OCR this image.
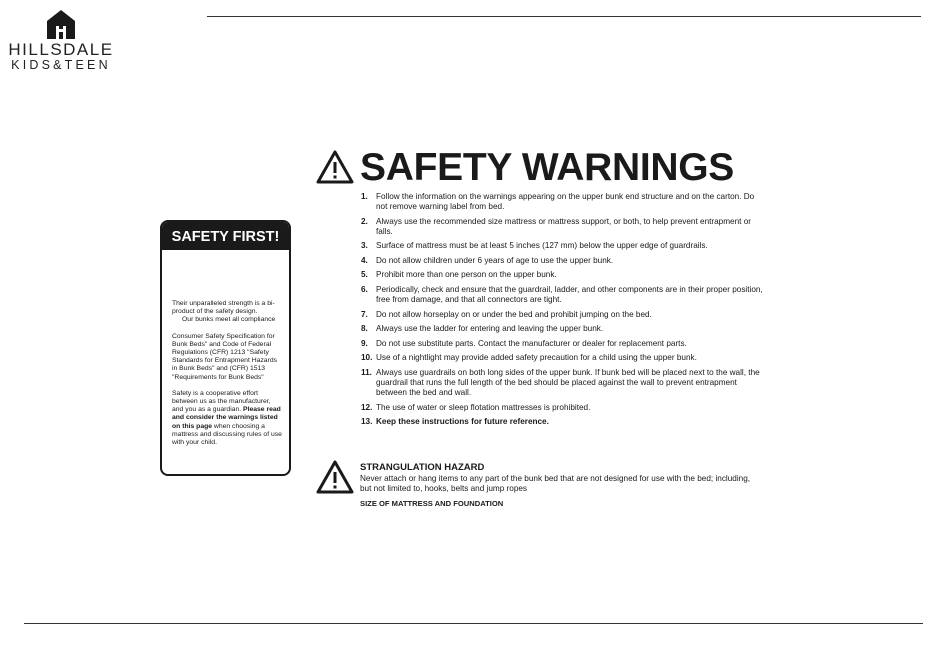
HILLSDALE
KIDS&TEEN
SAFETY FIRST!

Their unparalleled strength is a bi-product of the safety design.
Our bunks meet all compliance

Consumer Safety Specification for Bunk Beds" and Code of Federal Regulations (CFR) 1213 "Safety Standards for Entrapment Hazards in Bunk Beds" and (CFR) 1513 "Requirements for Bunk Beds"

Safety is a cooperative effort between us as the manufacturer, and you as a guardian. Please read and consider the warnings listed on this page when choosing a mattress and discussing rules of use with your child.

SAFETY WARNINGS
1. Follow the information on the warnings appearing on the upper bunk end structure and on the carton. Do not remove warning label from bed.
2. Always use the recommended size mattress or mattress support, or both, to help prevent entrapment or falls.
3. Surface of mattress must be at least 5 inches (127 mm) below the upper edge of guardrails.
4. Do not allow children under 6 years of age to use the upper bunk.
5. Prohibit more than one person on the upper bunk.
6. Periodically, check and ensure that the guardrail, ladder, and other components are in their proper position, free from damage, and that all connectors are tight.
7. Do not allow horseplay on or under the bed and prohibit jumping on the bed.
8. Always use the ladder for entering and leaving the upper bunk.
9. Do not use substitute parts. Contact the manufacturer or dealer for replacement parts.
10. Use of a nightlight may provide added safety precaution for a child using the upper bunk.
11. Always use guardrails on both long sides of the upper bunk. If bunk bed will be placed next to the wall, the guardrail that runs the full length of the bed should be placed against the wall to prevent entrapment between the bed and wall.
12. The use of water or sleep flotation mattresses is prohibited.
13. Keep these instructions for future reference.
STRANGULATION HAZARD
Never attach or hang items to any part of the bunk bed that are not designed for use with the bed; including, but not limited to, hooks, belts and jump ropes
SIZE OF MATTRESS AND FOUNDATION
